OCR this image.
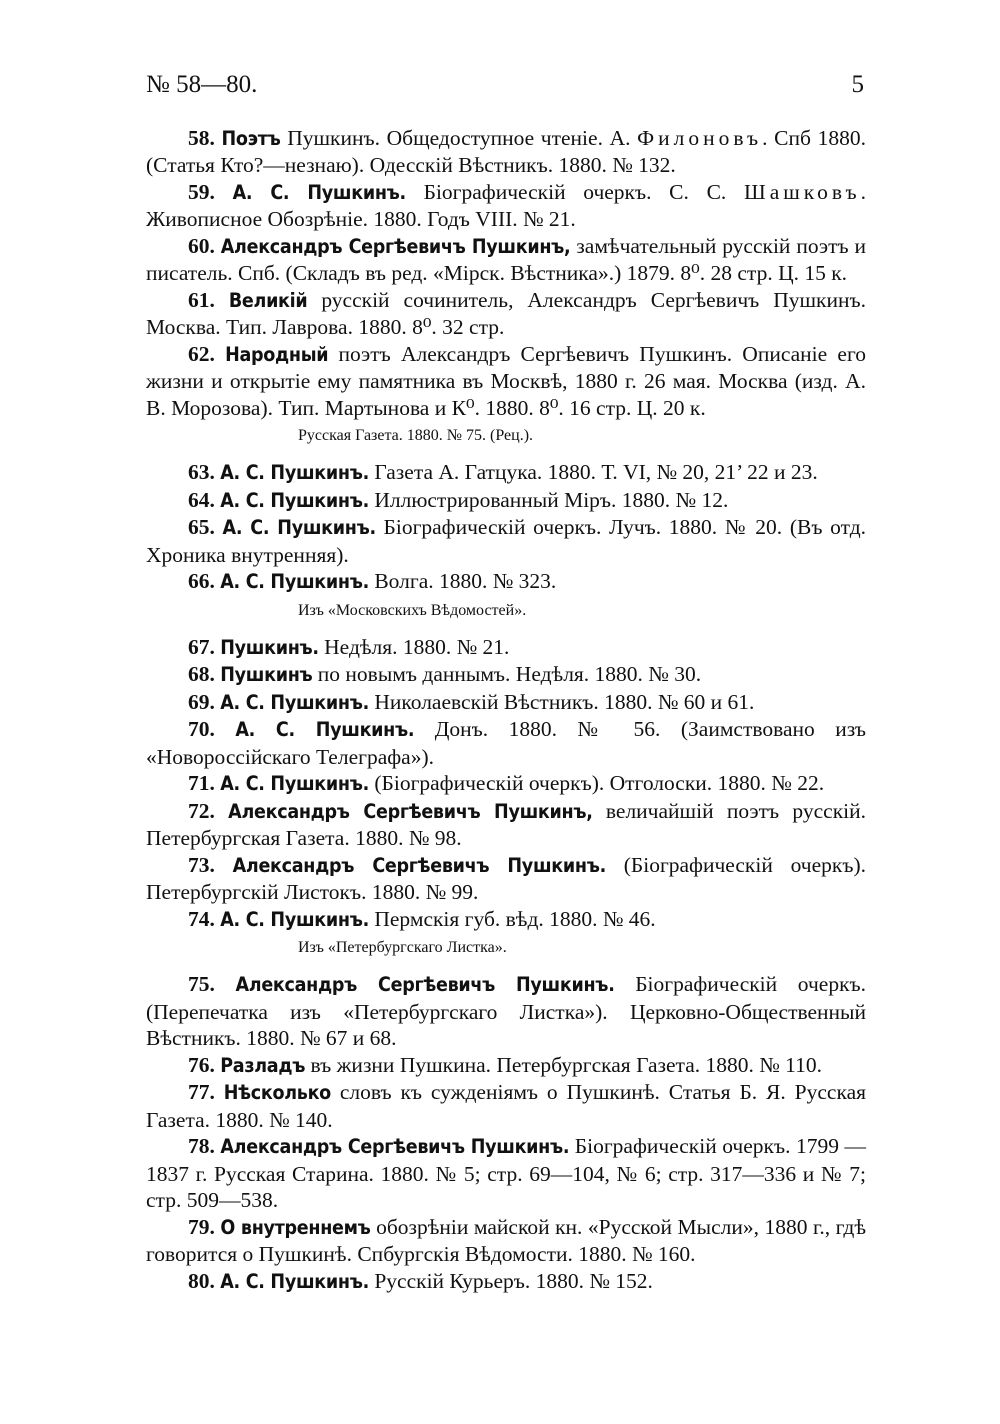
№ 58—80.	5

58. Поэтъ Пушкинъ. Общедоступное чтеніе. А. Филоновъ. Спб 1880. (Статья Кто?—незнаю). Одесскій Вѣстникъ. 1880. № 132.

59. А. С. Пушкинъ. Біографическій очеркъ. С. С. Шашковъ. Живописное Обозрѣніе. 1880. Годъ VIII. № 21.

60. Александръ Сергѣевичъ Пушкинъ, замѣчательный русскій поэтъ и писатель. Спб. (Складъ въ ред. «Мірск. Вѣстника».) 1879. 8⁰. 28 стр. Ц. 15 к.

61. Великій русскій сочинитель, Александръ Сергѣевичъ Пушкинъ. Москва. Тип. Лаврова. 1880. 8⁰. 32 стр.

62. Народный поэтъ Александръ Сергѣевичъ Пушкинъ. Описаніе его жизни и открытіе ему памятника въ Москвѣ, 1880 г. 26 мая. Москва (изд. А. В. Морозова). Тип. Мартынова и К⁰. 1880. 8⁰. 16 стр. Ц. 20 к.

Русская Газета. 1880. № 75. (Рец.).

63. А. С. Пушкинъ. Газета А. Гатцука. 1880. Т. VI, № 20, 21’ 22 и 23.

64. А. С. Пушкинъ. Иллюстрированный Міръ. 1880. № 12.

65. А. С. Пушкинъ. Біографическій очеркъ. Лучъ. 1880. № 20. (Въ отд. Хроника внутренняя).

66. А. С. Пушкинъ. Волга. 1880. № 323.

Изъ «Московскихъ Вѣдомостей».

67. Пушкинъ. Недѣля. 1880. № 21.

68. Пушкинъ по новымъ даннымъ. Недѣля. 1880. № 30.

69. А. С. Пушкинъ. Николаевскій Вѣстникъ. 1880. № 60 и 61.

70. А. С. Пушкинъ. Донъ. 1880. № 56. (Заимствовано изъ «Новороссійскаго Телеграфа»).

71. А. С. Пушкинъ. (Біографическій очеркъ). Отголоски. 1880. № 22.

72. Александръ Сергѣевичъ Пушкинъ, величайшій поэтъ русскій. Петербургская Газета. 1880. № 98.

73. Александръ Сергѣевичъ Пушкинъ. (Біографическій очеркъ). Петербургскій Листокъ. 1880. № 99.

74. А. С. Пушкинъ. Пермскія губ. вѣд. 1880. № 46.

Изъ «Петербургскаго Листка».

75. Александръ Сергѣевичъ Пушкинъ. Біографическій очеркъ. (Перепечатка изъ «Петербургскаго Листка»). Церковно-Общественный Вѣстникъ. 1880. № 67 и 68.

76. Разладъ въ жизни Пушкина. Петербургская Газета. 1880. № 110.

77. Нѣсколько словъ къ сужденіямъ о Пушкинѣ. Статья Б. Я. Русская Газета. 1880. № 140.

78. Александръ Сергѣевичъ Пушкинъ. Біографическій очеркъ. 1799 — 1837 г. Русская Старина. 1880. № 5; стр. 69—104, № 6; стр. 317—336 и № 7; стр. 509—538.

79. О внутреннемъ обозрѣніи майской кн. «Русской Мысли», 1880 г., гдѣ говорится о Пушкинѣ. Спбургскія Вѣдомости. 1880. № 160.

80. А. С. Пушкинъ. Русскій Курьеръ. 1880. № 152.
